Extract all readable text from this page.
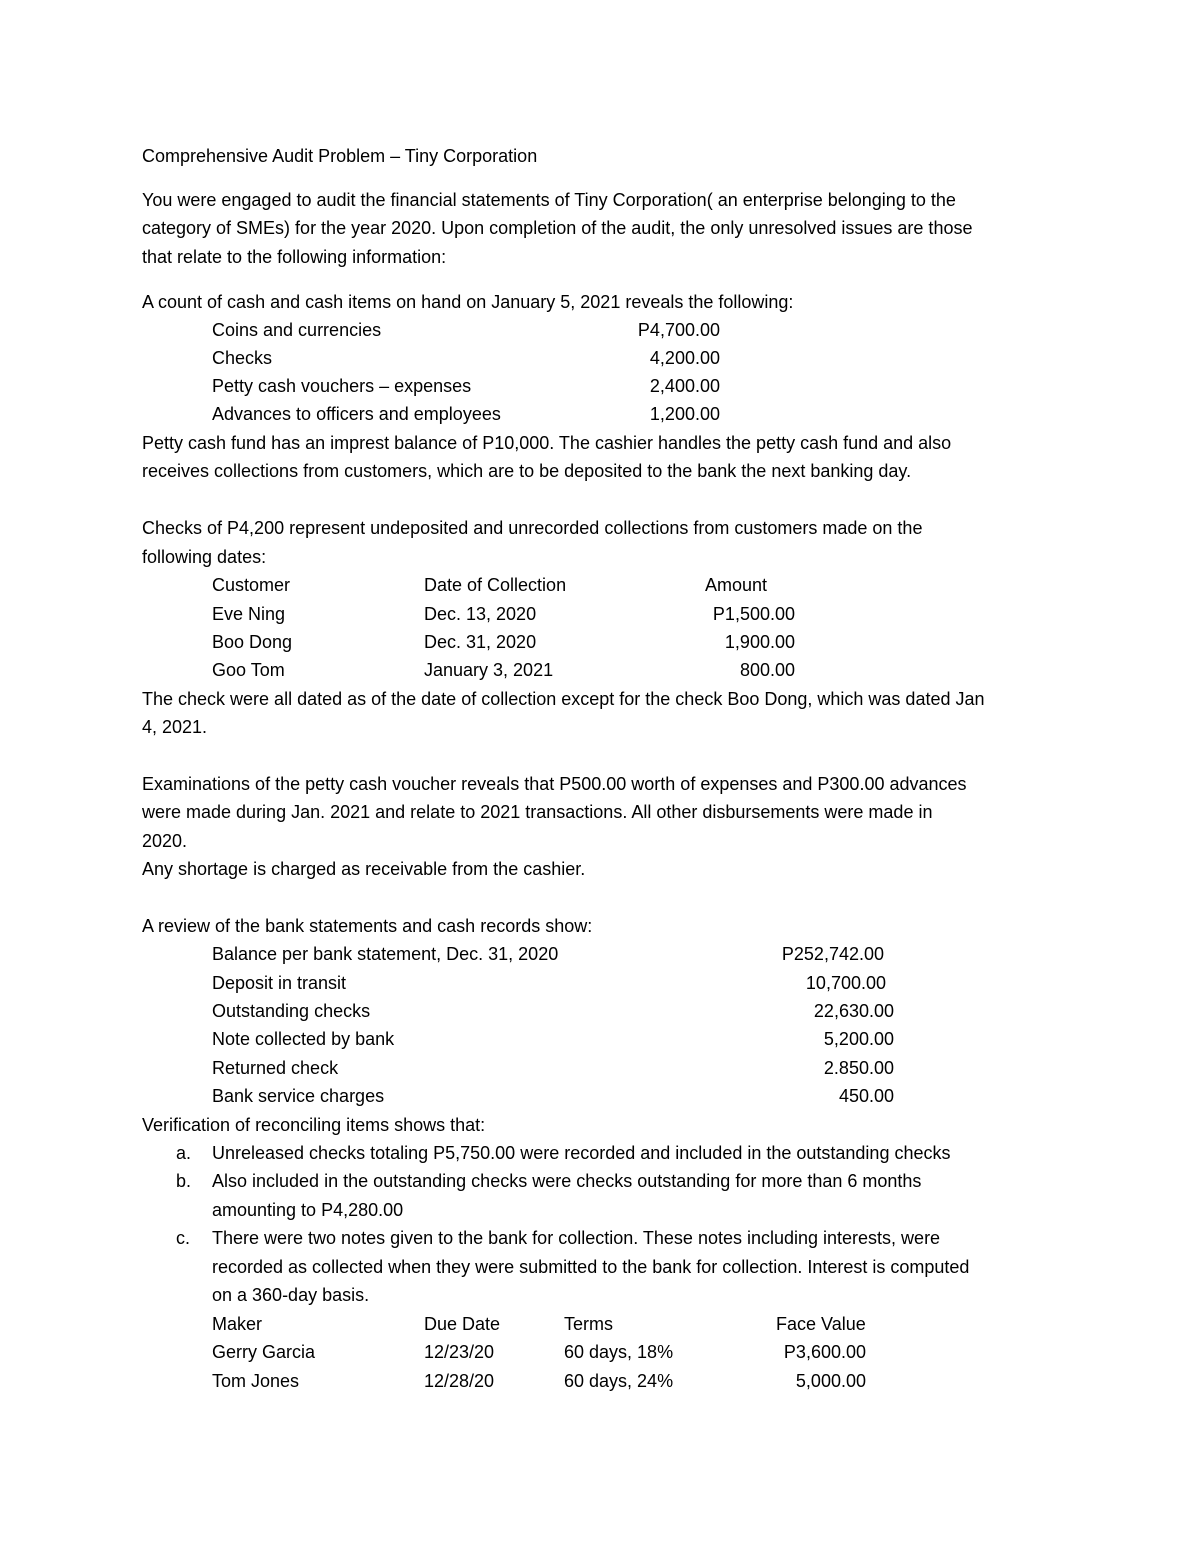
Comprehensive Audit Problem – Tiny Corporation
You were engaged to audit the financial statements of Tiny Corporation( an enterprise belonging to the
category of SMEs) for the year 2020. Upon completion of the audit, the only unresolved issues are those
that relate to the following information:
A count of cash and cash items on hand on January 5, 2021 reveals the following:
Coins and currencies	P4,700.00
Checks	4,200.00
Petty cash vouchers – expenses	2,400.00
Advances to officers and employees	1,200.00
Petty cash fund has an imprest balance of P10,000. The cashier handles the petty cash fund and also
receives collections from customers, which are to be deposited to the bank the next banking day.
Checks of P4,200 represent undeposited and unrecorded collections from customers made on the
following dates:
Customer	Date of Collection	Amount
Eve Ning	Dec. 13, 2020	P1,500.00
Boo Dong	Dec. 31, 2020	1,900.00
Goo Tom	January 3, 2021	800.00
The check were all dated as of the date of collection except for the check Boo Dong, which was dated Jan
4, 2021.
Examinations of the petty cash voucher reveals that P500.00 worth of expenses and P300.00 advances
were made during Jan. 2021 and relate to 2021 transactions. All other disbursements were made in
2020.
Any shortage is charged as receivable from the cashier.
A review of the bank statements and cash records show:
Balance per bank statement, Dec. 31, 2020	P252,742.00
Deposit in transit	10,700.00
Outstanding checks	22,630.00
Note collected by bank	5,200.00
Returned check	2.850.00
Bank service charges	450.00
Verification of reconciling items shows that:
a. Unreleased checks totaling P5,750.00 were recorded and included in the outstanding checks
b. Also included in the outstanding checks were checks outstanding for more than 6 months
amounting to P4,280.00
c. There were two notes given to the bank for collection. These notes including interests, were
recorded as collected when they were submitted to the bank for collection. Interest is computed
on a 360-day basis.
Maker	Due Date	Terms	Face Value
Gerry Garcia	12/23/20	60 days, 18%	P3,600.00
Tom Jones	12/28/20	60 days, 24%	5,000.00
